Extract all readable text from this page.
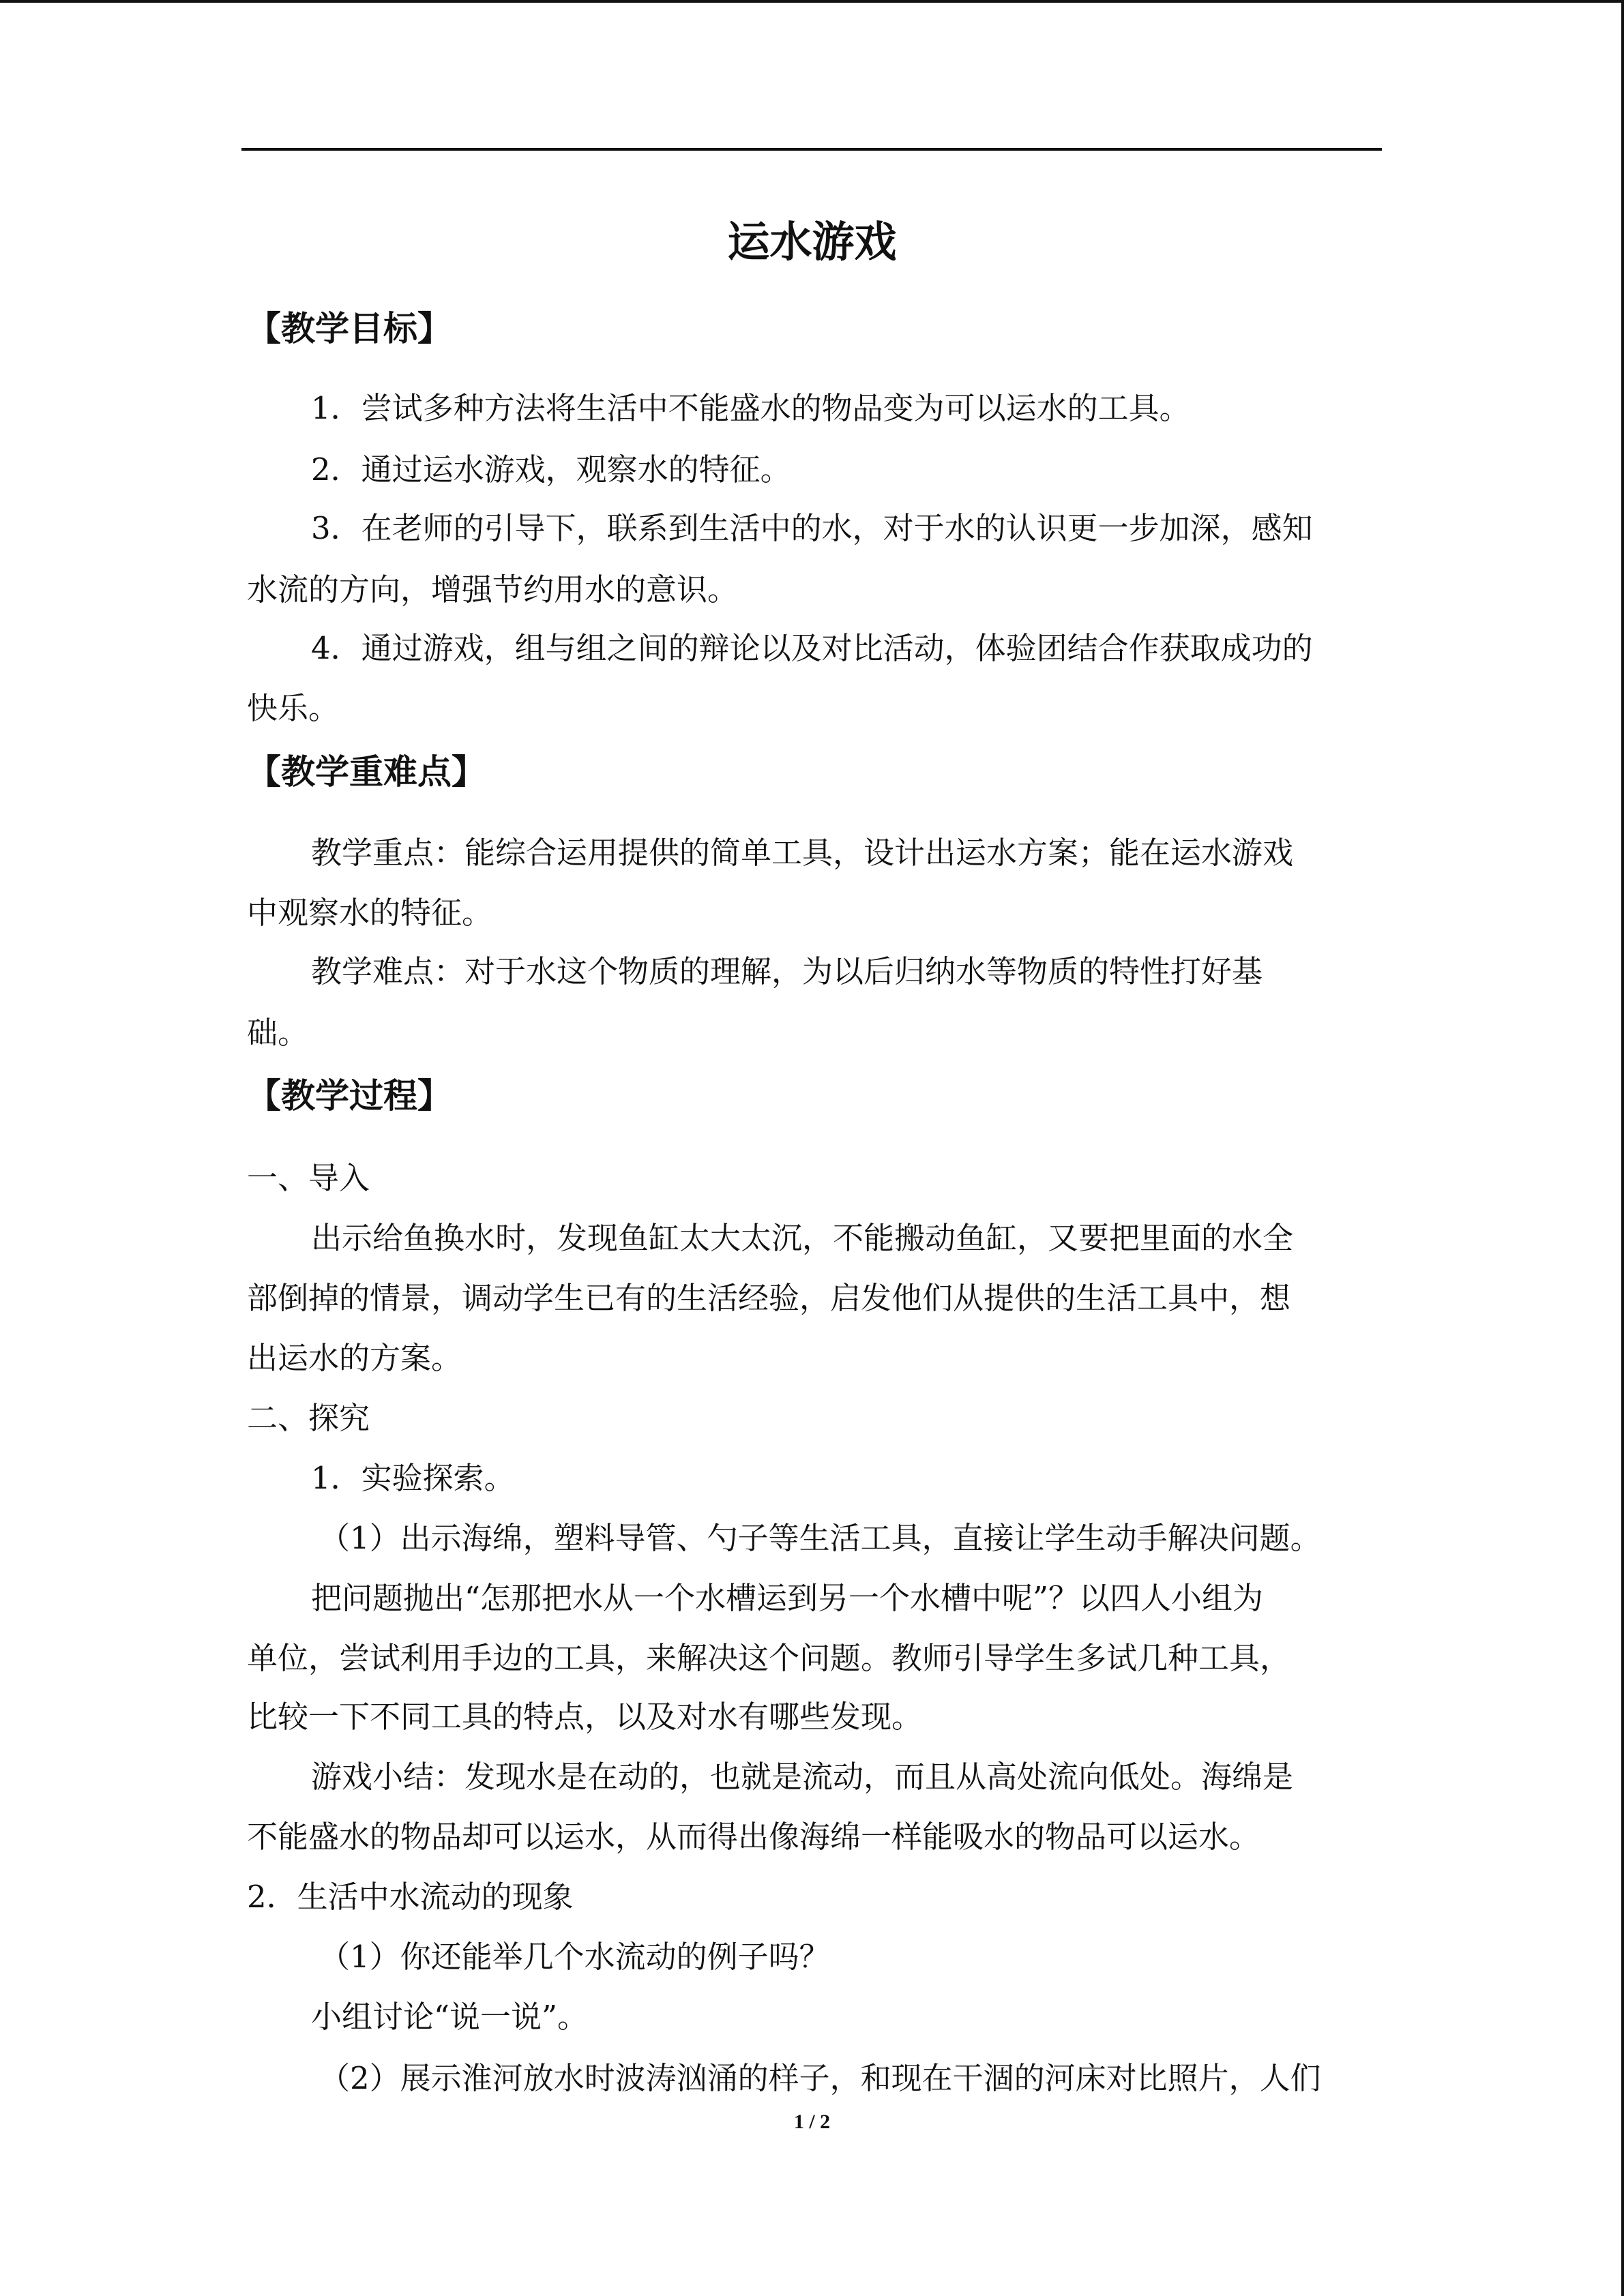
运水游戏
【教学目标】
1．尝试多种方法将生活中不能盛水的物品变为可以运水的工具。
2．通过运水游戏，观察水的特征。
3．在老师的引导下，联系到生活中的水，对于水的认识更一步加深，感知
水流的方向，增强节约用水的意识。
4．通过游戏，组与组之间的辩论以及对比活动，体验团结合作获取成功的
快乐。
【教学重难点】
教学重点：能综合运用提供的简单工具，设计出运水方案；能在运水游戏
中观察水的特征。
教学难点：对于水这个物质的理解，为以后归纳水等物质的特性打好基
础。
【教学过程】
一、导入
出示给鱼换水时，发现鱼缸太大太沉，不能搬动鱼缸，又要把里面的水全
部倒掉的情景，调动学生已有的生活经验，启发他们从提供的生活工具中，想
出运水的方案。
二、探究
1．实验探索。
（1）出示海绵，塑料导管、勺子等生活工具，直接让学生动手解决问题。
把问题抛出“怎那把水从一个水槽运到另一个水槽中呢”？以四人小组为
单位，尝试利用手边的工具，来解决这个问题。教师引导学生多试几种工具，
比较一下不同工具的特点，以及对水有哪些发现。
游戏小结：发现水是在动的，也就是流动，而且从高处流向低处。海绵是
不能盛水的物品却可以运水，从而得出像海绵一样能吸水的物品可以运水。
2．生活中水流动的现象
（1）你还能举几个水流动的例子吗？
小组讨论“说一说”。
（2）展示淮河放水时波涛汹涌的样子，和现在干涸的河床对比照片，人们
1 / 2
